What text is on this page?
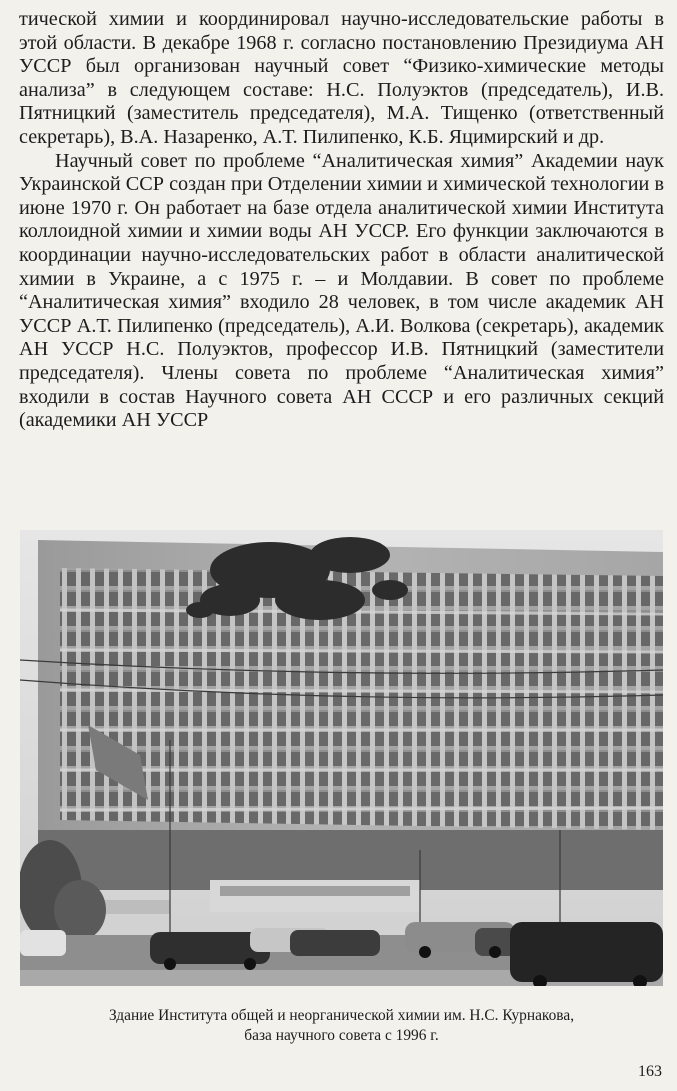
тической химии и координировал научно-исследовательские работы в этой области. В декабре 1968 г. согласно постановлению Президиума АН УССР был организован научный совет “Физико-химические методы анализа” в следующем составе: Н.С. Полуэктов (председатель), И.В. Пятницкий (заместитель председателя), М.А. Тищенко (ответственный секретарь), В.А. Назаренко, А.Т. Пилипенко, К.Б. Яцимирский и др.

Научный совет по проблеме “Аналитическая химия” Академии наук Украинской ССР создан при Отделении химии и химической технологии в июне 1970 г. Он работает на базе отдела аналитической химии Института коллоидной химии и химии воды АН УССР. Его функции заключаются в координации научно-исследовательских работ в области аналитической химии в Украине, а с 1975 г. – и Молдавии. В совет по проблеме “Аналитическая химия” входило 28 человек, в том числе академик АН УССР А.Т. Пилипенко (председатель), А.И. Волкова (секретарь), академик АН УССР Н.С. Полуэктов, профессор И.В. Пятницкий (заместители председателя). Члены совета по проблеме “Аналитическая химия” входили в состав Научного совета АН СССР и его различных секций (академики АН УССР

Здание Института общей и неорганической химии им. Н.С. Курнакова,
база научного совета с 1996 г.
163
